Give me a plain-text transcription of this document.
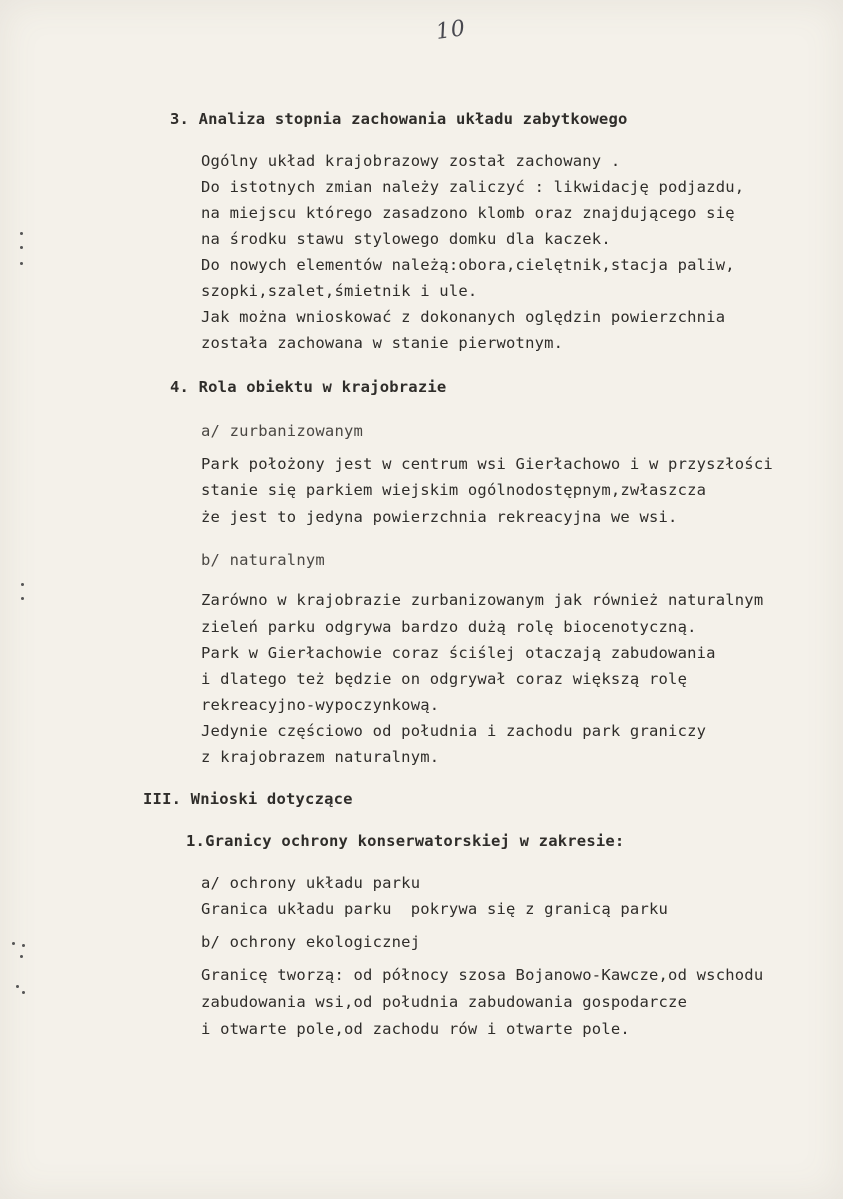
10
3. Analiza stopnia zachowania układu zabytkowego
Ogólny układ krajobrazowy został zachowany .
Do istotnych zmian należy zaliczyć : likwidację podjazdu,
na miejscu którego zasadzono klomb oraz znajdującego się
na środku stawu stylowego domku dla kaczek.
Do nowych elementów należą:obora,cielętnik,stacja paliw,
szopki,szalet,śmietnik i ule.
Jak można wnioskować z dokonanych oględzin powierzchnia
została zachowana w stanie pierwotnym.
4. Rola obiektu w krajobrazie
a/ zurbanizowanym
Park położony jest w centrum wsi Gierłachowo i w przyszłości
stanie się parkiem wiejskim ogólnodostępnym,zwłaszcza
że jest to jedyna powierzchnia rekreacyjna we wsi.
b/ naturalnym
Zarówno w krajobrazie zurbanizowanym jak również naturalnym
zieleń parku odgrywa bardzo dużą rolę biocenotyczną.
Park w Gierłachowie coraz ściślej otaczają zabudowania
i dlatego też będzie on odgrywał coraz większą rolę
rekreacyjno-wypoczynkową.
Jedynie częściowo od południa i zachodu park graniczy
z krajobrazem naturalnym.
III. Wnioski dotyczące
1.Granicy ochrony konserwatorskiej w zakresie:
a/ ochrony układu parku
Granica układu parku  pokrywa się z granicą parku
b/ ochrony ekologicznej
Granicę tworzą: od północy szosa Bojanowo-Kawcze,od wschodu
zabudowania wsi,od południa zabudowania gospodarcze
i otwarte pole,od zachodu rów i otwarte pole.
